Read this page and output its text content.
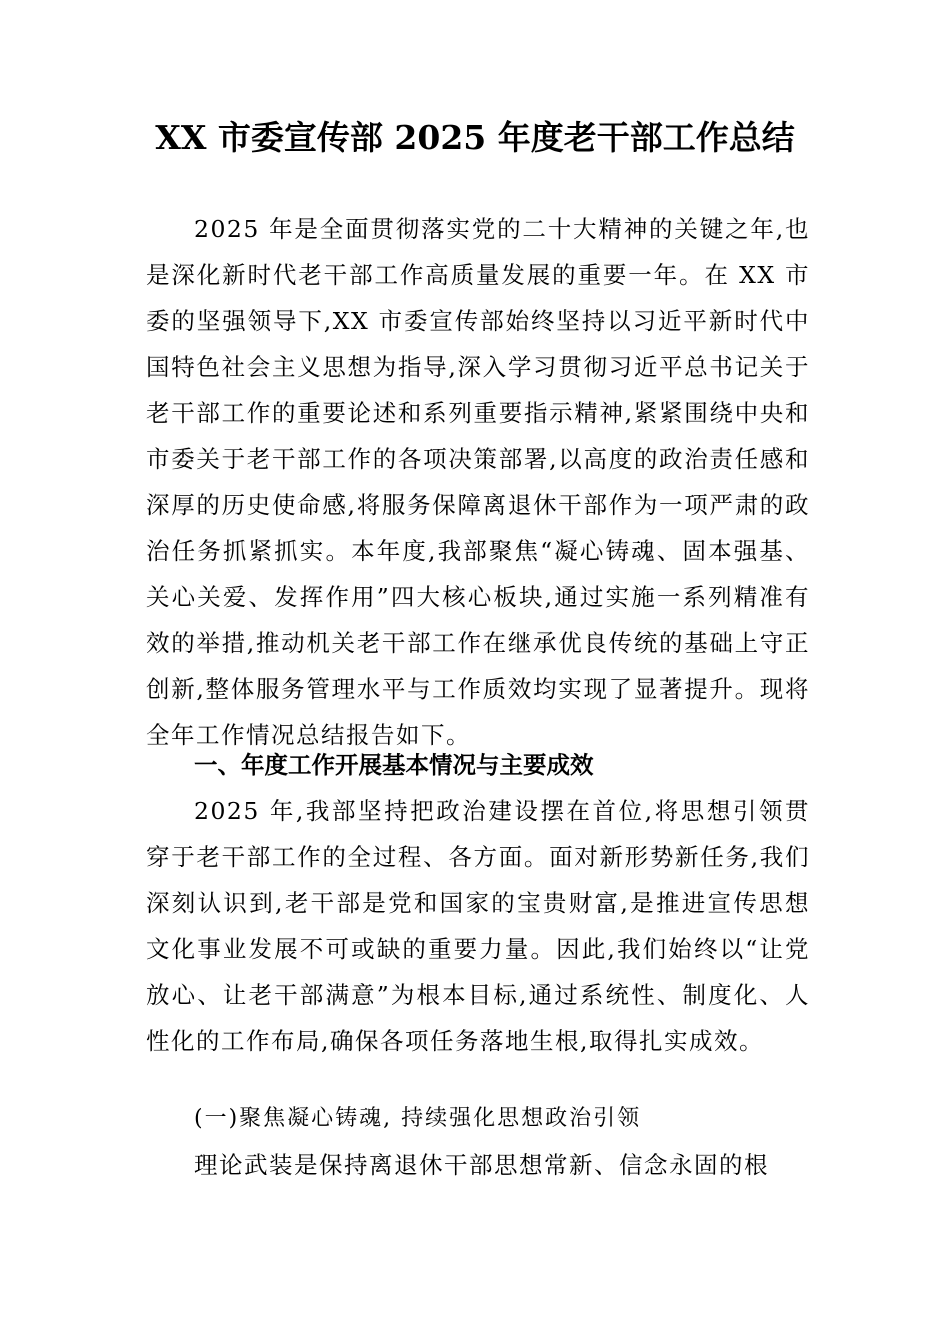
XX 市委宣传部 2025 年度老干部工作总结

2025 年是全面贯彻落实党的二十大精神的关键之年,也是深化新时代老干部工作高质量发展的重要一年。在 XX 市委的坚强领导下,XX 市委宣传部始终坚持以习近平新时代中国特色社会主义思想为指导,深入学习贯彻习近平总书记关于老干部工作的重要论述和系列重要指示精神,紧紧围绕中央和市委关于老干部工作的各项决策部署,以高度的政治责任感和深厚的历史使命感,将服务保障离退休干部作为一项严肃的政治任务抓紧抓实。本年度,我部聚焦“凝心铸魂、固本强基、关心关爱、发挥作用”四大核心板块,通过实施一系列精准有效的举措,推动机关老干部工作在继承优良传统的基础上守正创新,整体服务管理水平与工作质效均实现了显著提升。现将全年工作情况总结报告如下。

一、年度工作开展基本情况与主要成效

2025 年,我部坚持把政治建设摆在首位,将思想引领贯穿于老干部工作的全过程、各方面。面对新形势新任务,我们深刻认识到,老干部是党和国家的宝贵财富,是推进宣传思想文化事业发展不可或缺的重要力量。因此,我们始终以“让党放心、让老干部满意”为根本目标,通过系统性、制度化、人性化的工作布局,确保各项任务落地生根,取得扎实成效。

(一)聚焦凝心铸魂, 持续强化思想政治引领

理论武装是保持离退休干部思想常新、信念永固的根
